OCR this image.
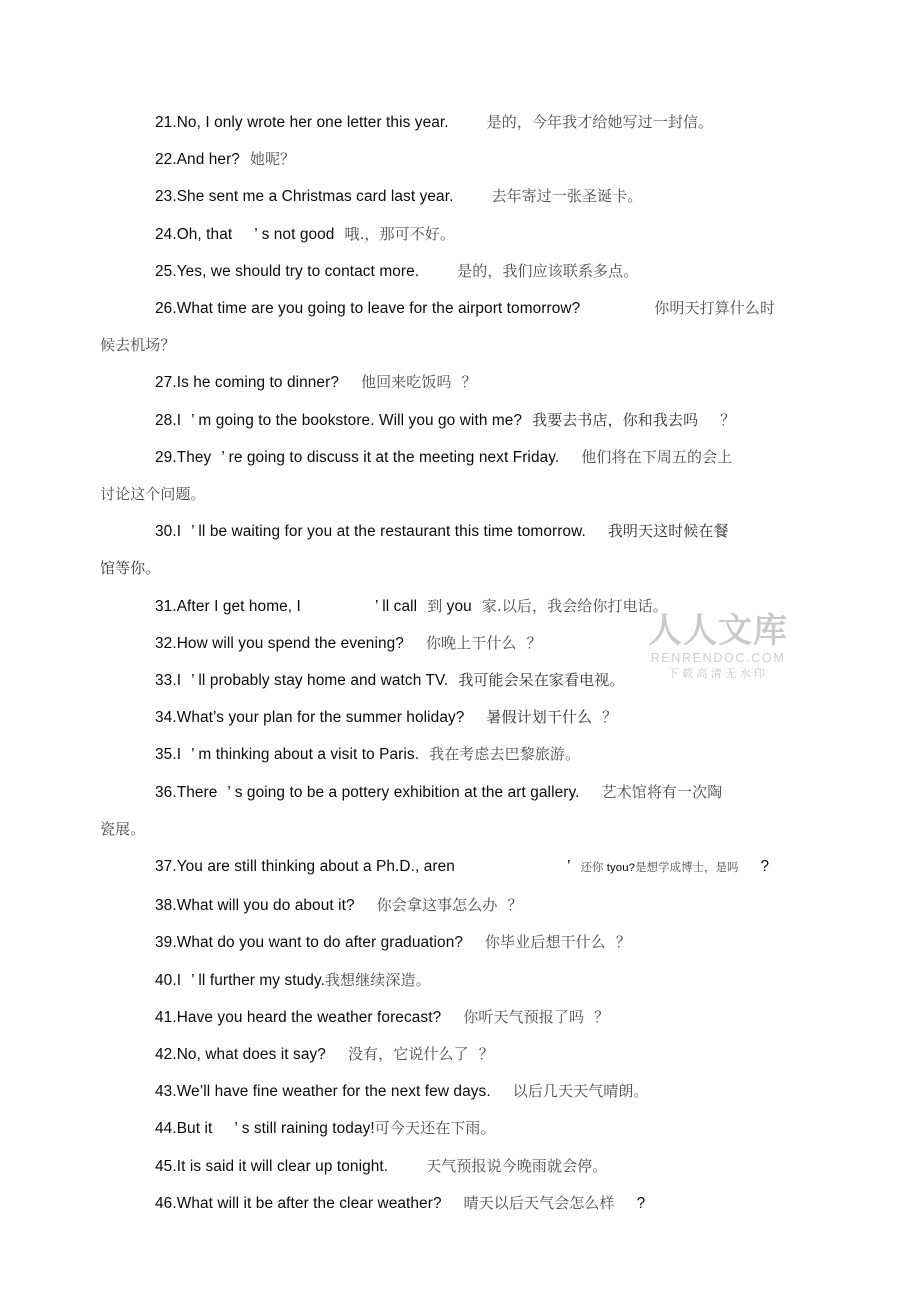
21.No, I only wrote her one letter this year.	是的，今年我才给她写过一封信。
22.And her? 她呢？
23.She sent me a Christmas card last year.	去年寄过一张圣诞卡。
24.Oh, that ’ s not good 哦.，那可不好。
25.Yes, we should try to contact more.	是的，我们应该联系多点。
26.What time are you going to leave for the airport tomorrow?	你明天打算什么时
候去机场？
27.Is he coming to dinner? 他回来吃饭吗 ？
28.I ’ m going to the bookstore. Will you go with me? 我要去书店，你和我去吗 ？
29.They ’ re going to discuss it at the meeting next Friday. 他们将在下周五的会上
讨论这个问题。
30.I ’ ll be waiting for you at the restaurant this time tomorrow. 我明天这时候在餐
馆等你。
31.After I get home, I	’ ll call 到 you 家.以后，我会给你打电话。
32.How will you spend the evening? 你晚上干什么 ？
33.I ’ ll probably stay home and watch TV. 我可能会呆在家看电视。
34.What’s your plan for the summer holiday? 暑假计划干什么 ？
35.I ’ m thinking about a visit to Paris. 我在考虑去巴黎旅游。
36.There ’ s going to be a pottery exhibition at the art gallery. 艺术馆将有一次陶
瓷展。
37.You are still thinking about a Ph.D., aren	’ 还你 tyou?是想学成博士，是吗 ?
38.What will you do about it? 你会拿这事怎么办 ？
39.What do you want to do after graduation? 你毕业后想干什么 ？
40.I ’ ll further my study.我想继续深造。
41.Have you heard the weather forecast? 你听天气预报了吗 ？
42.No, what does it say? 没有，它说什么了 ？
43.We’ll have fine weather for the next few days. 以后几天天气晴朗。
44.But it ’ s still raining today!可今天还在下雨。
45.It is said it will clear up tonight.	天气预报说今晚雨就会停。
46.What will it be after the clear weather? 晴天以后天气会怎么样 ?
人人文库
RENRENDOC.COM
下载高清无水印
